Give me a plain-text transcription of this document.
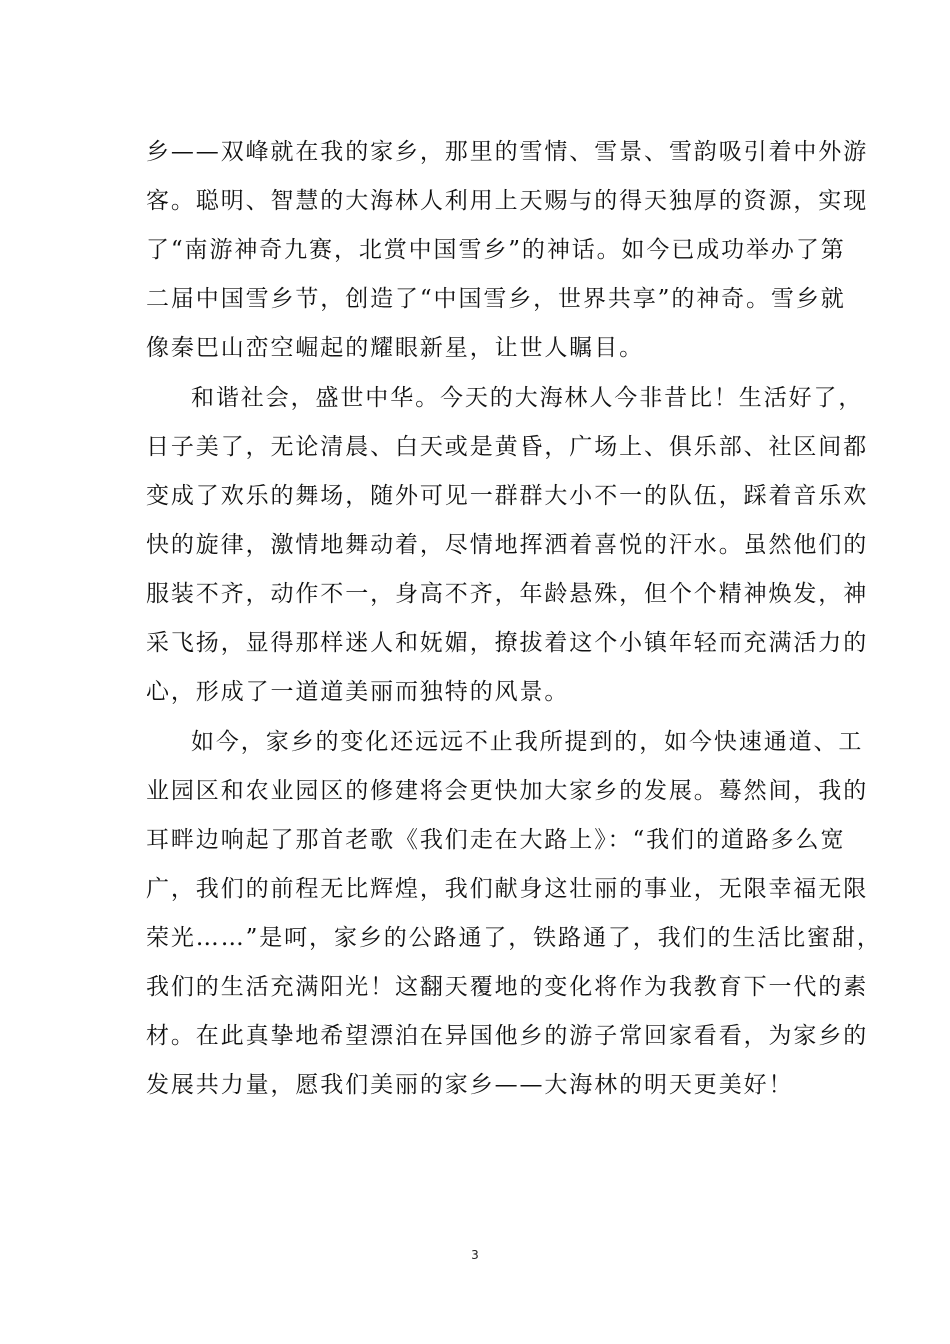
乡——双峰就在我的家乡，那里的雪情、雪景、雪韵吸引着中外游
客。聪明、智慧的大海林人利用上天赐与的得天独厚的资源，实现
了“南游神奇九赛，北赏中国雪乡”的神话。如今已成功举办了第
二届中国雪乡节，创造了“中国雪乡，世界共享”的神奇。雪乡就
像秦巴山峦空崛起的耀眼新星，让世人瞩目。
和谐社会，盛世中华。今天的大海林人今非昔比！生活好了，
日子美了，无论清晨、白天或是黄昏，广场上、俱乐部、社区间都
变成了欢乐的舞场，随外可见一群群大小不一的队伍，踩着音乐欢
快的旋律，激情地舞动着，尽情地挥洒着喜悦的汗水。虽然他们的
服装不齐，动作不一，身高不齐，年龄悬殊，但个个精神焕发，神
采飞扬，显得那样迷人和妩媚，撩拔着这个小镇年轻而充满活力的
心，形成了一道道美丽而独特的风景。
如今，家乡的变化还远远不止我所提到的，如今快速通道、工
业园区和农业园区的修建将会更快加大家乡的发展。蓦然间，我的
耳畔边响起了那首老歌《我们走在大路上》：“我们的道路多么宽
广，我们的前程无比辉煌，我们献身这壮丽的事业，无限幸福无限
荣光……”是呵，家乡的公路通了，铁路通了，我们的生活比蜜甜，
我们的生活充满阳光！这翻天覆地的变化将作为我教育下一代的素
材。在此真挚地希望漂泊在异国他乡的游子常回家看看，为家乡的
发展共力量，愿我们美丽的家乡——大海林的明天更美好！
3
